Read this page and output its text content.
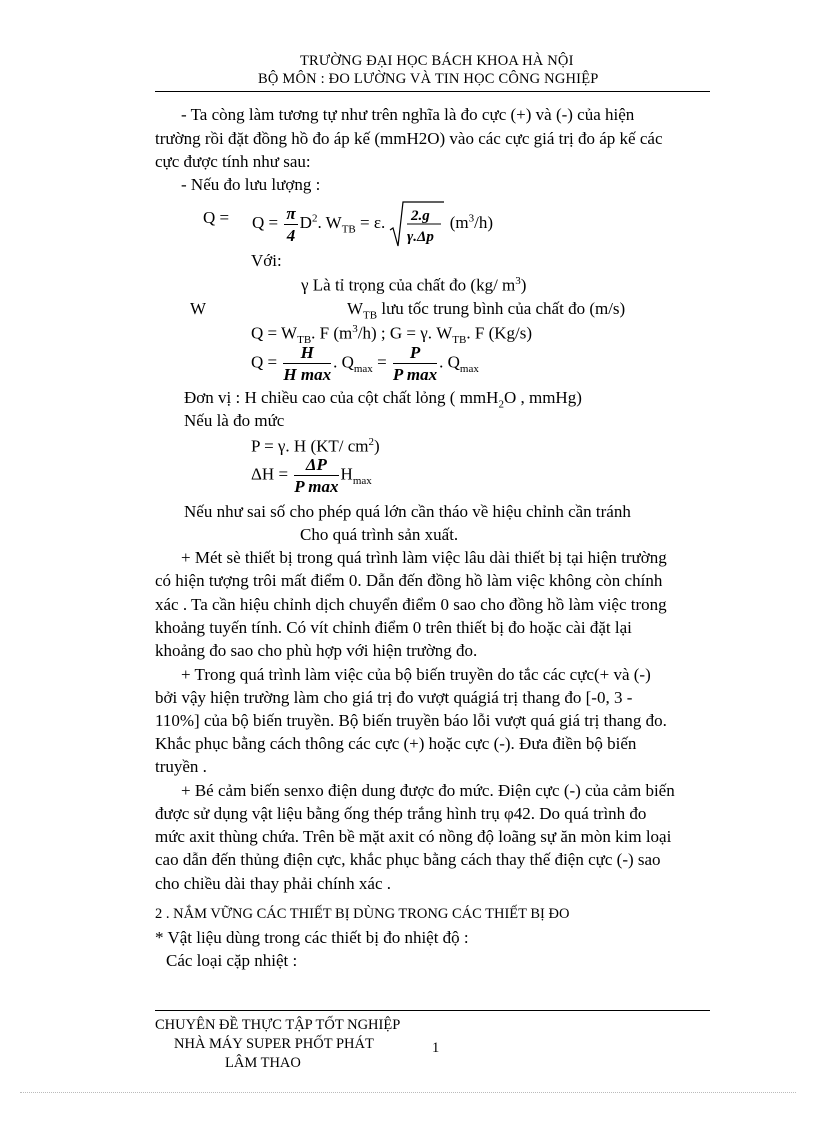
TRƯỜNG ĐẠI HỌC BÁCH KHOA HÀ NỘI
BỘ MÔN : ĐO LƯỜNG VÀ TIN HỌC CÔNG NGHIỆP
- Ta còng làm tương tự như trên nghĩa là đo cực (+) và (-) của hiện
trường rồi đặt đồng hồ đo áp kế (mmH2O) vào các cực giá trị đo áp kế các
cực được tính như sau:
- Nếu đo lưu lượng :
$Q = Q = \frac{\pi}{4} D^2$. $W_{TB} = \varepsilon$. 2.g
γ.Δp
$(m^3/h)$
Với:
γ Là tỉ trọng của chất đo (kg/ $m^3$)
W	$W_{TB}$ lưu tốc trung bình của chất đo (m/s)
$Q = W_{TB}$. F $(m^3/h)$ ; G = γ. $W_{TB}$. F (Kg/s)
$Q = \frac{H}{\text{H max}}$ . $Q_{max} = \frac{P}{\text{P max}}$ . $Q_{max}$
Đơn vị : H chiều cao của cột chất lỏng ( mmH$_2$O , mmHg)
Nếu là đo mức
P = γ. H (KT/ $cm^2$)
$\Delta H = \frac{\Delta P}{\text{P max}} H_{max}$
Nếu như sai số cho phép quá lớn cần tháo về hiệu chỉnh cần tránh
Cho quá trình sản xuất.
+ Mét sè thiết bị trong quá trình làm việc lâu dài thiết bị tại hiện trường
có hiện tượng trôi mất điểm 0. Dẫn đến đồng hồ làm việc không còn chính
xác . Ta cần hiệu chỉnh dịch chuyển điểm 0 sao cho đồng hồ làm việc trong
khoảng tuyến tính. Có vít chỉnh điểm 0 trên thiết bị đo hoặc cài đặt lại
khoảng đo sao cho phù hợp với hiện trường đo.
+ Trong quá trình làm việc của bộ biến truyền do tắc các cực(+ và (-)
bởi vậy hiện trường làm cho giá trị đo vượt quágiá trị thang đo [-0, 3 -
110%] của bộ biến truyền. Bộ biến truyền báo lỗi vượt quá giá trị thang đo.
Khắc phục bằng cách thông các cực (+) hoặc cực (-). Đưa điền bộ biến
truyền .
+ Bé cảm biến senxo điện dung được đo mức. Điện cực (-) của cảm biến
được sử dụng vật liệu bằng ống thép trắng hình trụ φ42. Do quá trình đo
mức axit thùng chứa. Trên bề mặt axit có nồng độ loãng sự ăn mòn kim loại
cao dẫn đến thủng điện cực, khắc phục bằng cách thay thế điện cực (-) sao
cho chiều dài thay phải chính xác .
2 . NẮM VỮNG CÁC THIẾT BỊ DÙNG TRONG CÁC THIẾT BỊ ĐO
* Vật liệu dùng trong các thiết bị đo nhiệt độ :
Các loại cặp nhiệt :
CHUYÊN ĐỀ THỰC TẬP TỐT NGHIỆP
NHÀ MÁY SUPER PHỐT PHÁT	1
LÂM THAO
